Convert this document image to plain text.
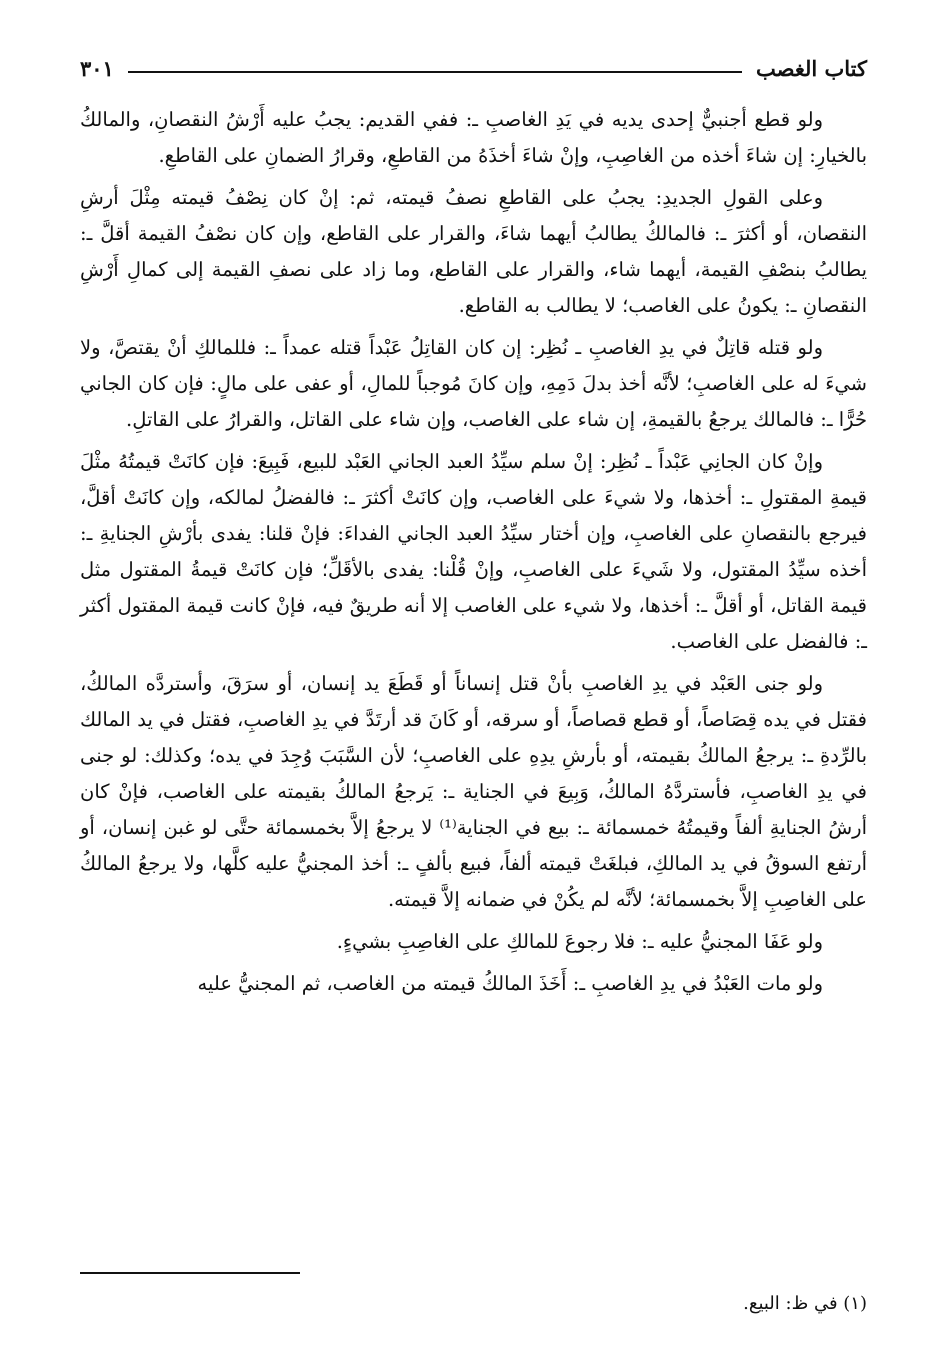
كتاب الغصب
٣٠١

ولو قطع أجنبيٌّ إحدى يديه في يَدِ الغاصبِ ـ: ففي القديم: يجبُ عليه أَرْشُ النقصانِ، والمالكُ بالخيارِ: إن شاءَ أخذه من الغاصِبِ، وإنْ شاءَ أخذَهُ من القاطعِ، وقرارُ الضمانِ على القاطعِ.

وعلى القولِ الجديدِ: يجبُ على القاطعِ نصفُ قيمته، ثم: إنْ كان نِصْفُ قيمته مِثْلَ أرشِ النقصان، أو أكثرَ ـ: فالمالكُ يطالبُ أيهما شاءَ، والقرار على القاطع، وإن كان نصْفُ القيمة أقلَّ ـ: يطالبُ بنصْفِ القيمة، أيهما شاء، والقرار على القاطع، وما زاد على نصفِ القيمة إلى كمالِ أَرْشِ النقصانِ ـ: يكونُ على الغاصب؛ لا يطالب به القاطع.

ولو قتله قاتِلٌ في يدِ الغاصبِ ـ نُظِر: إن كان القاتِلُ عَبْداً قتله عمداً ـ: فللمالكِ أنْ يقتصَّ، ولا شيءَ له على الغاصبِ؛ لأنَّه أخذ بدلَ دَمِهِ، وإن كانَ مُوجباً للمالِ، أو عفى على مالٍ: فإن كان الجاني حُرًّا ـ: فالمالك يرجعُ بالقيمةِ، إن شاء على الغاصب، وإن شاء على القاتل، والقرارُ على القاتلِ.

وإنْ كان الجانِي عَبْداً ـ نُظِر: إنْ سلم سيِّدُ العبد الجاني العَبْد للبيع، فَبِيعَ: فإن كانَتْ قيمتُهُ مثْلَ قيمةِ المقتولِ ـ: أخذها، ولا شيءَ على الغاصب، وإن كانَتْ أكثرَ ـ: فالفضلُ لمالكه، وإن كانَتْ أقلَّ، فيرجع بالنقصانِ على الغاصبِ، وإن أختار سيِّدُ العبد الجاني الفداءَ: فإنْ قلنا: يفدى بأرْشِ الجنايةِ ـ: أخذه سيِّدُ المقتول، ولا شَيءَ على الغاصبِ، وإنْ قُلْنا: يفدى بالأقَلِّ؛ فإن كانَتْ قيمةُ المقتول مثل قيمة القاتل، أو أقلَّ ـ: أخذها، ولا شيء على الغاصب إلا أنه طريقٌ فيه، فإنْ كانت قيمة المقتول أكثر ـ: فالفضل على الغاصب.

ولو جنى العَبْد في يدِ الغاصبِ بأنْ قتل إنساناً أو قَطَعَ يد إنسان، أو سرَقَ، وأستردَّه المالكُ، فقتل في يده قِصَاصاً، أو قطع قصاصاً، أو سرقه، أو كَانَ قد أرتَدَّ في يدِ الغاصبِ، فقتل في يد المالك بالرِّدةِ ـ: يرجعُ المالكُ بقيمته، أو بأرشِ يدِهِ على الغاصبِ؛ لأن السَّبَبَ وُجِدَ في يده؛ وكذلك: لو جنى في يدِ الغاصبِ، فأستردَّهُ المالكُ، وَبِيعَ في الجناية ـ: يَرجعُ المالكُ بقيمته على الغاصب، فإنْ كان أرشُ الجنايةِ ألفاً وقيمتُهُ خمسمائة ـ: بيع في الجناية⁽¹⁾ لا يرجعُ إلاَّ بخمسمائة حتَّى لو غبن إنسان، أو أرتفع السوقُ في يد المالكِ، فبلغَتْ قيمته ألفاً، فبيع بألفٍ ـ: أخذ المجنيُّ عليه كلَّها، ولا يرجعُ المالكُ على الغاصِبِ إلاَّ بخمسمائة؛ لأنَّه لم يكُنْ في ضمانه إلاَّ قيمته.

ولو عَفَا المجنيُّ عليه ـ: فلا رجوعَ للمالكِ على الغاصِبِ بشيءٍ.

ولو مات العَبْدُ في يدِ الغاصبِ ـ: أَخَذَ المالكُ قيمته من الغاصب، ثم المجنيُّ عليه

(١) في ظ: البيع.
